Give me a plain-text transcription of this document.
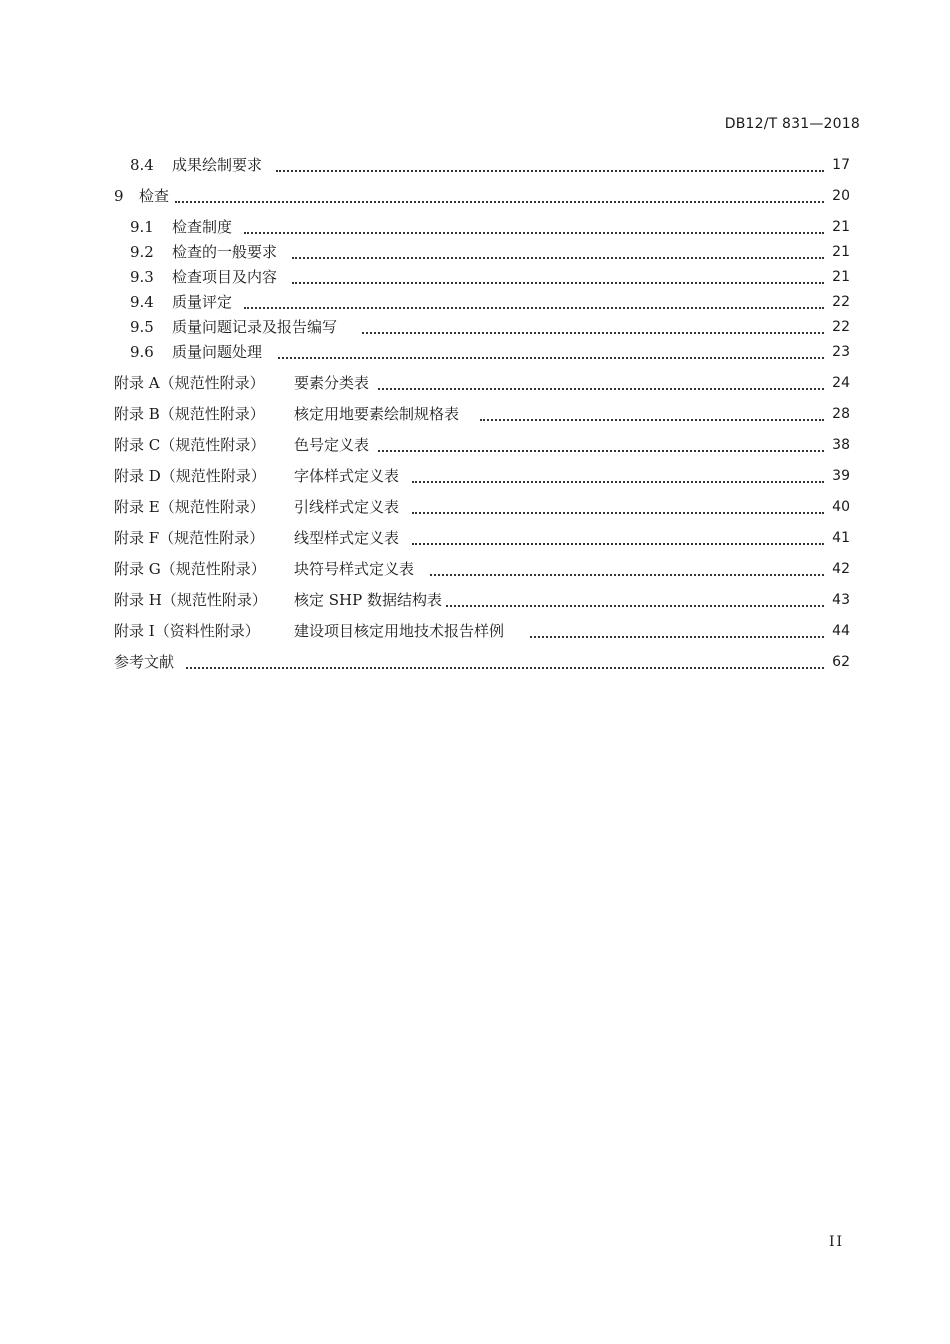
DB12/T 831—2018
8.4 成果绘制要求	17
9 检查	20
9.1 检查制度	21
9.2 检查的一般要求	21
9.3 检查项目及内容	21
9.4 质量评定	22
9.5 质量问题记录及报告编写	22
9.6 质量问题处理	23
附录 A（规范性附录） 要素分类表	24
附录 B（规范性附录） 核定用地要素绘制规格表	28
附录 C（规范性附录） 色号定义表	38
附录 D（规范性附录） 字体样式定义表	39
附录 E（规范性附录） 引线样式定义表	40
附录 F（规范性附录） 线型样式定义表	41
附录 G（规范性附录） 块符号样式定义表	42
附录 H（规范性附录） 核定 SHP 数据结构表	43
附录 I（资料性附录） 建设项目核定用地技术报告样例	44
参考文献	62
II
